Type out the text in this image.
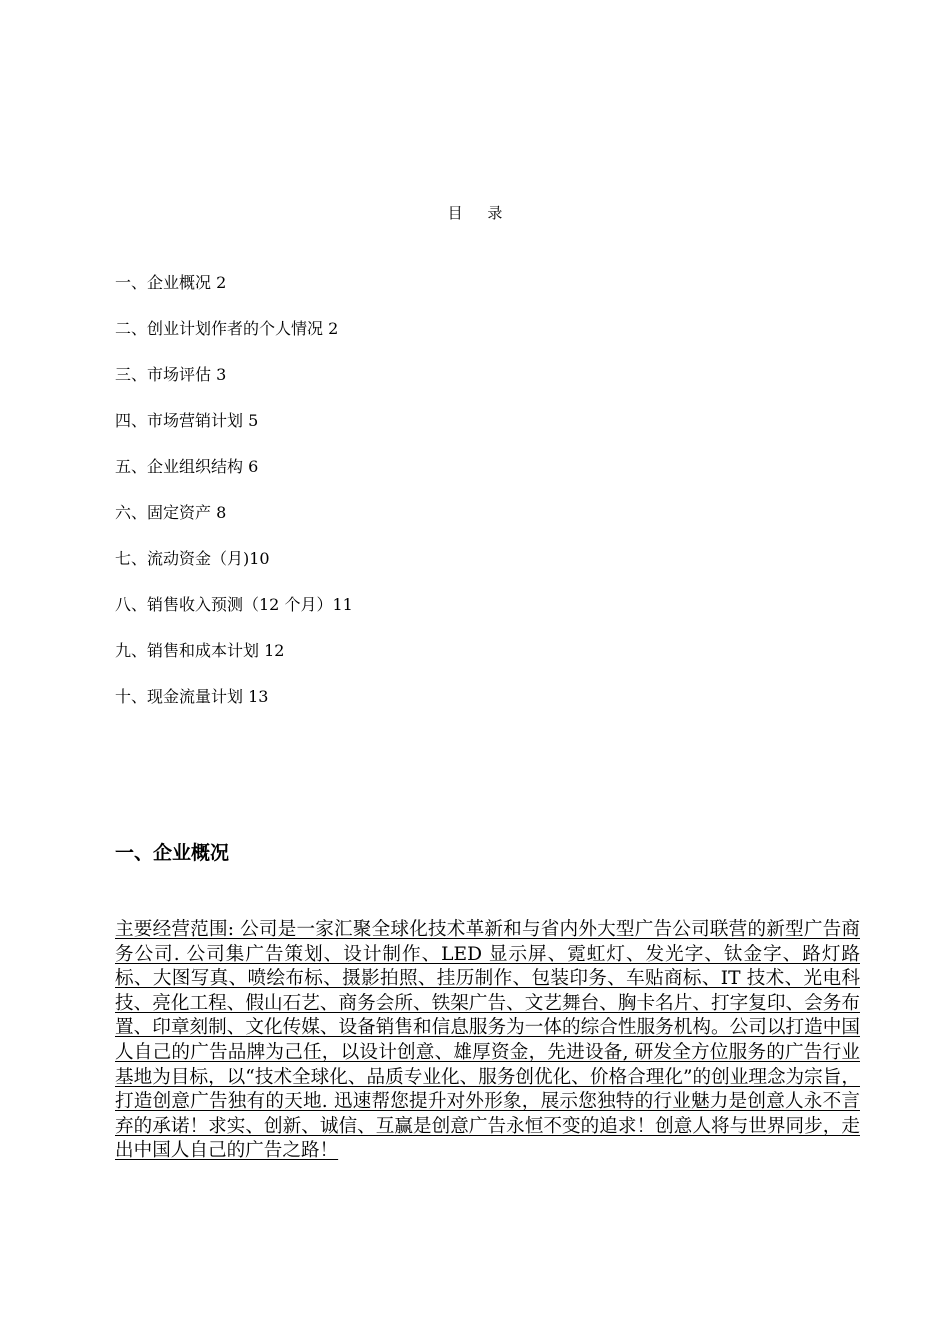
目 录
一、企业概况 2
二、创业计划作者的个人情况 2
三、市场评估 3
四、市场营销计划 5
五、企业组织结构 6
六、固定资产 8
七、流动资金（月)10
八、销售收入预测（12 个月）11
九、销售和成本计划 12
十、现金流量计划 13
一、企业概况

主要经营范围: 公司是一家汇聚全球化技术革新和与省内外大型广告公司联营的新型广告商务公司. 公司集广告策划、设计制作、LED 显示屏、霓虹灯、发光字、钛金字、路灯路标、大图写真、喷绘布标、摄影拍照、挂历制作、包装印务、车贴商标、IT 技术、光电科技、亮化工程、假山石艺、商务会所、铁架广告、文艺舞台、胸卡名片、打字复印、会务布置、印章刻制、文化传媒、设备销售和信息服务为一体的综合性服务机构。公司以打造中国人自己的广告品牌为己任，以设计创意、雄厚资金，先进设备, 研发全方位服务的广告行业基地为目标，以“技术全球化、品质专业化、服务创优化、价格合理化”的创业理念为宗旨，打造创意广告独有的天地. 迅速帮您提升对外形象，展示您独特的行业魅力是创意人永不言弃的承诺！求实、创新、诚信、互赢是创意广告永恒不变的追求！创意人将与世界同步，走出中国人自己的广告之路！
